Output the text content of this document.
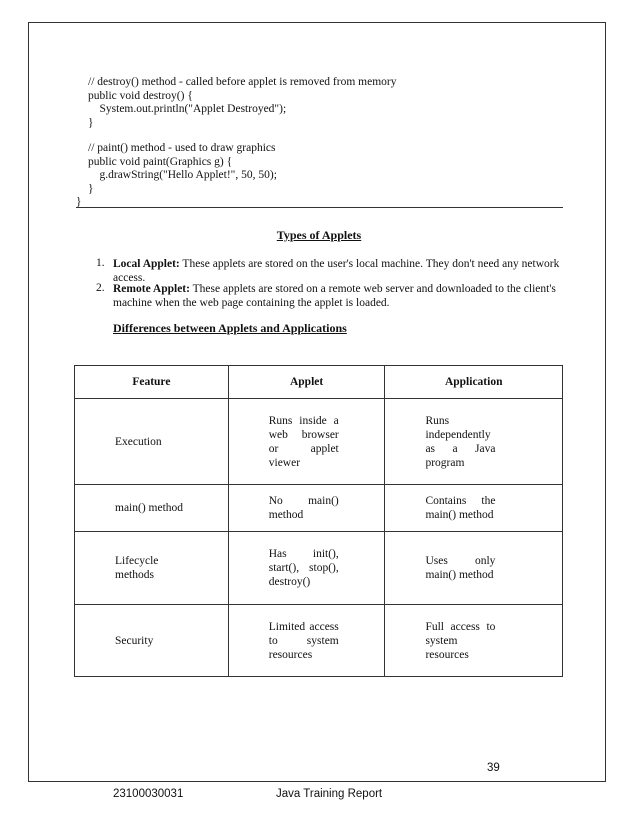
// destroy() method - called before applet is removed from memory
public void destroy() {
System.out.println("Applet Destroyed");
}
// paint() method - used to draw graphics
public void paint(Graphics g) {
g.drawString("Hello Applet!", 50, 50);
}
}
Types of Applets
1. Local Applet: These applets are stored on the user's local machine. They don't need any network
access.
2. Remote Applet: These applets are stored on a remote web server and downloaded to the client's
machine when the web page containing the applet is loaded.
Differences between Applets and Applications
Feature	Applet	Application

Execution	Runs inside a web browser or applet viewer	Runs independently as a Java program

main() method	No main() method	Contains the main() method

Lifecycle methods	Has init(), start(), stop(), destroy()	Uses only main() method

Security	Limited access to system resources	Full access to system resources
39
23100030031	Java Training Report
